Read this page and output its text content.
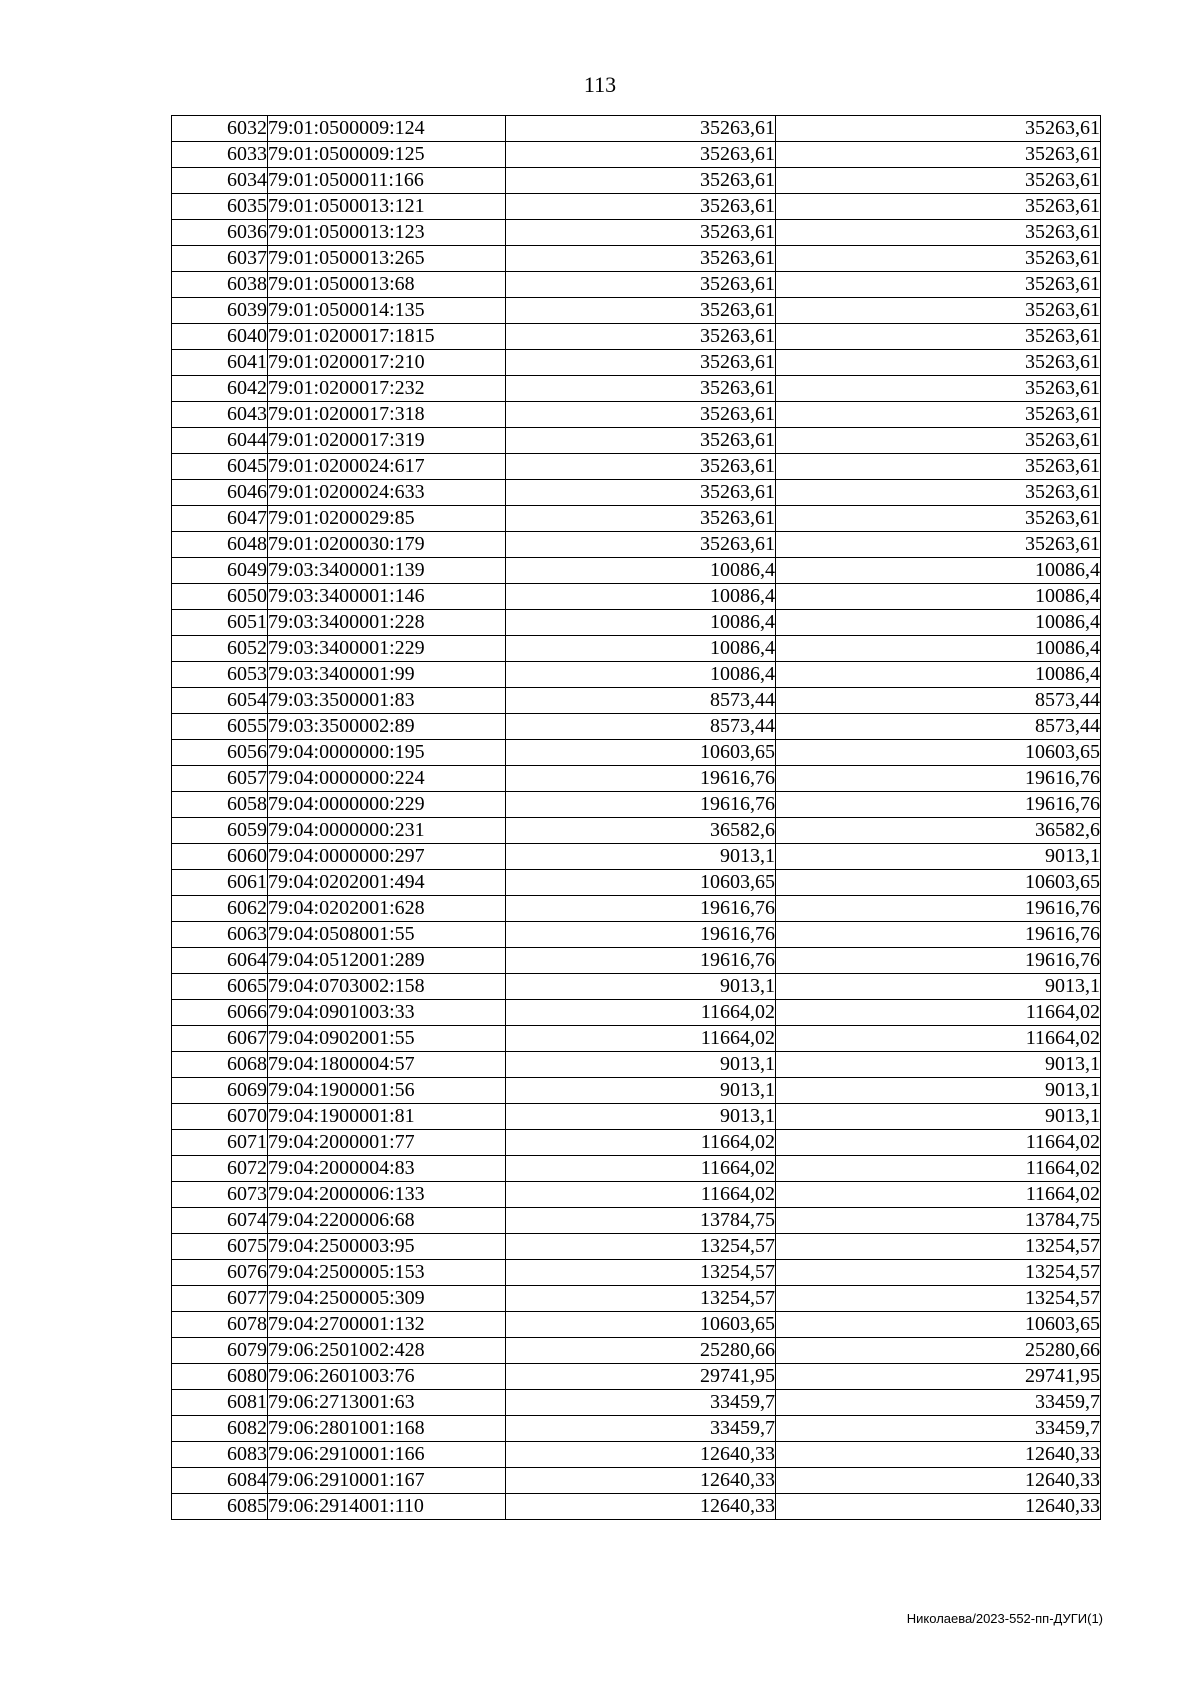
113
6032	79:01:0500009:124	35263,61	35263,61
6033	79:01:0500009:125	35263,61	35263,61
6034	79:01:0500011:166	35263,61	35263,61
6035	79:01:0500013:121	35263,61	35263,61
6036	79:01:0500013:123	35263,61	35263,61
6037	79:01:0500013:265	35263,61	35263,61
6038	79:01:0500013:68	35263,61	35263,61
6039	79:01:0500014:135	35263,61	35263,61
6040	79:01:0200017:1815	35263,61	35263,61
6041	79:01:0200017:210	35263,61	35263,61
6042	79:01:0200017:232	35263,61	35263,61
6043	79:01:0200017:318	35263,61	35263,61
6044	79:01:0200017:319	35263,61	35263,61
6045	79:01:0200024:617	35263,61	35263,61
6046	79:01:0200024:633	35263,61	35263,61
6047	79:01:0200029:85	35263,61	35263,61
6048	79:01:0200030:179	35263,61	35263,61
6049	79:03:3400001:139	10086,4	10086,4
6050	79:03:3400001:146	10086,4	10086,4
6051	79:03:3400001:228	10086,4	10086,4
6052	79:03:3400001:229	10086,4	10086,4
6053	79:03:3400001:99	10086,4	10086,4
6054	79:03:3500001:83	8573,44	8573,44
6055	79:03:3500002:89	8573,44	8573,44
6056	79:04:0000000:195	10603,65	10603,65
6057	79:04:0000000:224	19616,76	19616,76
6058	79:04:0000000:229	19616,76	19616,76
6059	79:04:0000000:231	36582,6	36582,6
6060	79:04:0000000:297	9013,1	9013,1
6061	79:04:0202001:494	10603,65	10603,65
6062	79:04:0202001:628	19616,76	19616,76
6063	79:04:0508001:55	19616,76	19616,76
6064	79:04:0512001:289	19616,76	19616,76
6065	79:04:0703002:158	9013,1	9013,1
6066	79:04:0901003:33	11664,02	11664,02
6067	79:04:0902001:55	11664,02	11664,02
6068	79:04:1800004:57	9013,1	9013,1
6069	79:04:1900001:56	9013,1	9013,1
6070	79:04:1900001:81	9013,1	9013,1
6071	79:04:2000001:77	11664,02	11664,02
6072	79:04:2000004:83	11664,02	11664,02
6073	79:04:2000006:133	11664,02	11664,02
6074	79:04:2200006:68	13784,75	13784,75
6075	79:04:2500003:95	13254,57	13254,57
6076	79:04:2500005:153	13254,57	13254,57
6077	79:04:2500005:309	13254,57	13254,57
6078	79:04:2700001:132	10603,65	10603,65
6079	79:06:2501002:428	25280,66	25280,66
6080	79:06:2601003:76	29741,95	29741,95
6081	79:06:2713001:63	33459,7	33459,7
6082	79:06:2801001:168	33459,7	33459,7
6083	79:06:2910001:166	12640,33	12640,33
6084	79:06:2910001:167	12640,33	12640,33
6085	79:06:2914001:110	12640,33	12640,33
Николаева/2023-552-пп-ДУГИ(1)
